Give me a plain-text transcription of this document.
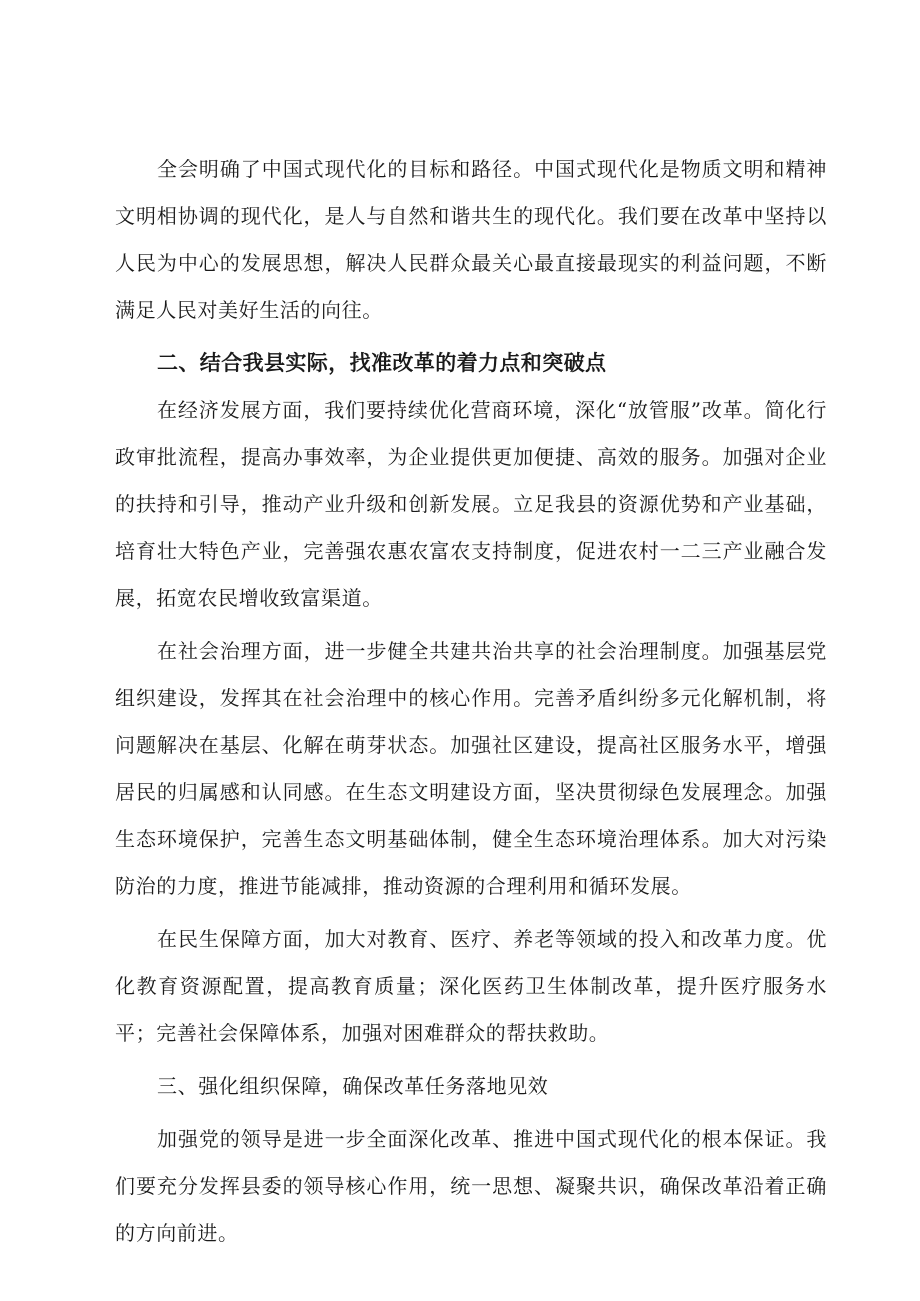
全会明确了中国式现代化的目标和路径。中国式现代化是物质文明和精神文明相协调的现代化，是人与自然和谐共生的现代化。我们要在改革中坚持以人民为中心的发展思想，解决人民群众最关心最直接最现实的利益问题，不断满足人民对美好生活的向往。

二、结合我县实际，找准改革的着力点和突破点

在经济发展方面，我们要持续优化营商环境，深化“放管服”改革。简化行政审批流程，提高办事效率，为企业提供更加便捷、高效的服务。加强对企业的扶持和引导，推动产业升级和创新发展。立足我县的资源优势和产业基础，培育壮大特色产业，完善强农惠农富农支持制度，促进农村一二三产业融合发展，拓宽农民增收致富渠道。

在社会治理方面，进一步健全共建共治共享的社会治理制度。加强基层党组织建设，发挥其在社会治理中的核心作用。完善矛盾纠纷多元化解机制，将问题解决在基层、化解在萌芽状态。加强社区建设，提高社区服务水平，增强居民的归属感和认同感。在生态文明建设方面，坚决贯彻绿色发展理念。加强生态环境保护，完善生态文明基础体制，健全生态环境治理体系。加大对污染防治的力度，推进节能减排，推动资源的合理利用和循环发展。

在民生保障方面，加大对教育、医疗、养老等领域的投入和改革力度。优化教育资源配置，提高教育质量；深化医药卫生体制改革，提升医疗服务水平；完善社会保障体系，加强对困难群众的帮扶救助。

三、强化组织保障，确保改革任务落地见效

加强党的领导是进一步全面深化改革、推进中国式现代化的根本保证。我们要充分发挥县委的领导核心作用，统一思想、凝聚共识，确保改革沿着正确的方向前进。
